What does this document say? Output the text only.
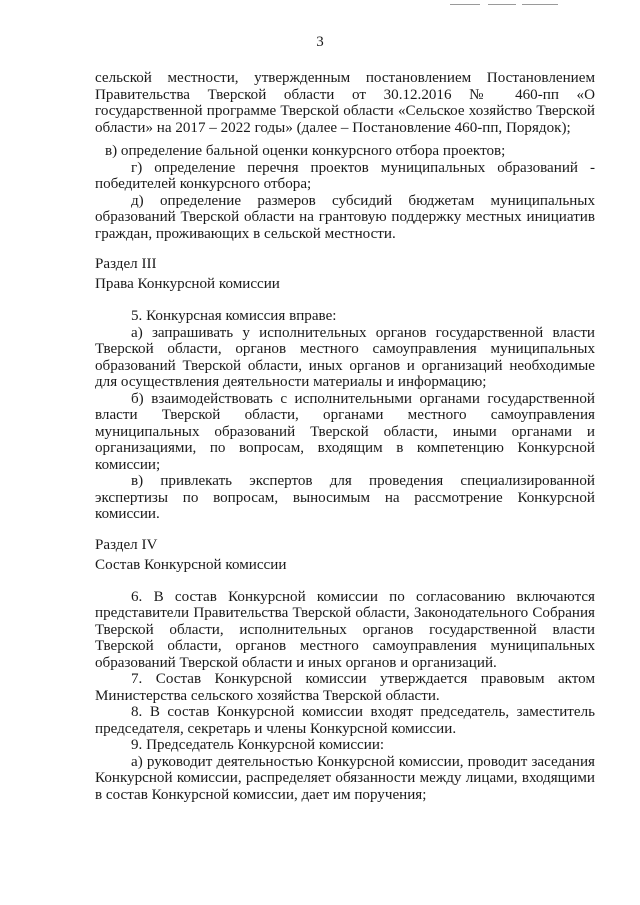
3

сельской местности, утвержденным постановлением Постановлением Правительства Тверской области от 30.12.2016 № 460-пп «О государственной программе Тверской области «Сельское хозяйство Тверской области» на 2017 – 2022 годы» (далее – Постановление 460-пп, Порядок);

в) определение бальной оценки конкурсного отбора проектов;

г) определение перечня проектов муниципальных образований - победителей конкурсного отбора;

д) определение размеров субсидий бюджетам муниципальных образований Тверской области на грантовую поддержку местных инициатив граждан, проживающих в сельской местности.

Раздел III

Права Конкурсной комиссии

5. Конкурсная комиссия вправе:

а) запрашивать у исполнительных органов государственной власти Тверской области, органов местного самоуправления муниципальных образований Тверской области, иных органов и организаций необходимые для осуществления деятельности материалы и информацию;

б) взаимодействовать с исполнительными органами государственной власти Тверской области, органами местного самоуправления муниципальных образований Тверской области, иными органами и организациями, по вопросам, входящим в компетенцию Конкурсной комиссии;

в) привлекать экспертов для проведения специализированной экспертизы по вопросам, выносимым на рассмотрение Конкурсной комиссии.

Раздел IV

Состав Конкурсной комиссии

6. В состав Конкурсной комиссии по согласованию включаются представители Правительства Тверской области, Законодательного Собрания Тверской области, исполнительных органов государственной власти Тверской области, органов местного самоуправления муниципальных образований Тверской области и иных органов и организаций.

7. Состав Конкурсной комиссии утверждается правовым актом Министерства сельского хозяйства Тверской области.

8. В состав Конкурсной комиссии входят председатель, заместитель председателя, секретарь и члены Конкурсной комиссии.

9. Председатель Конкурсной комиссии:

а) руководит деятельностью Конкурсной комиссии, проводит заседания Конкурсной комиссии, распределяет обязанности между лицами, входящими в состав Конкурсной комиссии, дает им поручения;
